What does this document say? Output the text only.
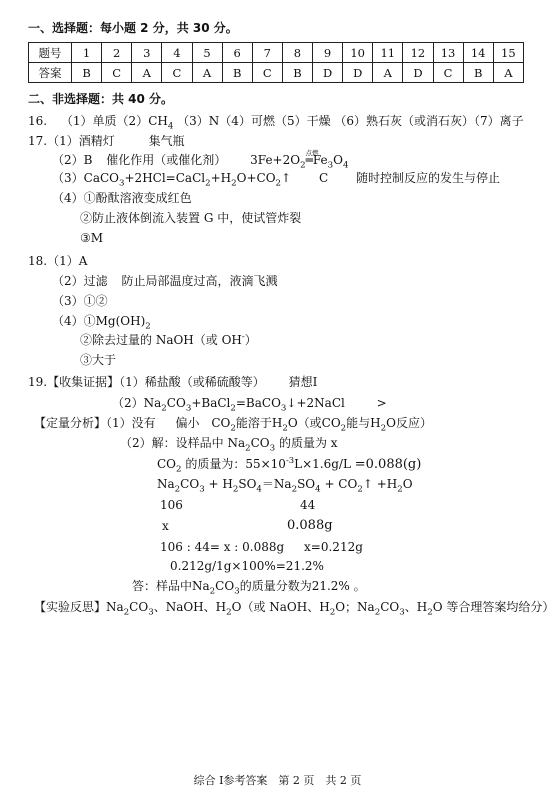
一、选择题：每小题 2 分，共 30 分。
题号	1	2	3	4	5	6	7	8	9	10	11	12	13	14	15
答案	B	C	A	C	A	B	C	B	D	D	A	D	C	B	A
二、非选择题：共 40 分。
16. （1）单质$(2)CH_4$ （3）N（4）可燃（5）干燥 （6）熟石灰（或消石灰）（7）离子
17.（1）酒精灯	集气瓶
（2）B 催化作用（或催化剂） $3Fe+2O_2$
点燃
$═Fe_3O_4$
$(3)CaCO_3+2HCl=CaCl_2+H_2O+CO_2↑$ C 随时控制反应的发生与停止
（4）①酚酞溶液变成红色
②防止液体倒流入装置 G 中，使试管炸裂
③M
18.（1）A
（2）过滤 防止局部温度过高，液滴飞溅
（3）①②
$(4)①Mg(OH)_2$
②除去过量的 NaOH（或 OH-）
③大于
19.【收集证据】（1）稀盐酸（或稀硫酸等） 猜想Ⅰ
$(2)Na_2CO_3+BaCl_2=BaCO_3↓+2NaCl$	>
【定量分析】（1）没有 偏小 $CO_2$能溶于$H_2O$（或$CO_2$能与$H_2O$反应）
（2）解：设样品中 $Na_2CO_3$ 的质量为 x
$CO_2$ 的质量为：$55\times 10^{-3}L\times 1.6g/L =0.088(g)$
$Na_2CO_3 + H_2SO_4=Na_2SO_4$ + $CO_2↑ +H_2O$
106	44
x	0.088g
106 : 44= x : 0.088g x=0.212g
0.212g/1g×100%=21.2%
答：样品中$Na_2CO_3$的质量分数为21.2% 。
【实验反思】$Na_2CO_3$、NaOH、$H_2O$（或 NaOH、$H_2O$；$Na_2CO_3$、$H_2O$ 等合理答案均给分）
综合 I参考答案　第 2 页　共 2 页
